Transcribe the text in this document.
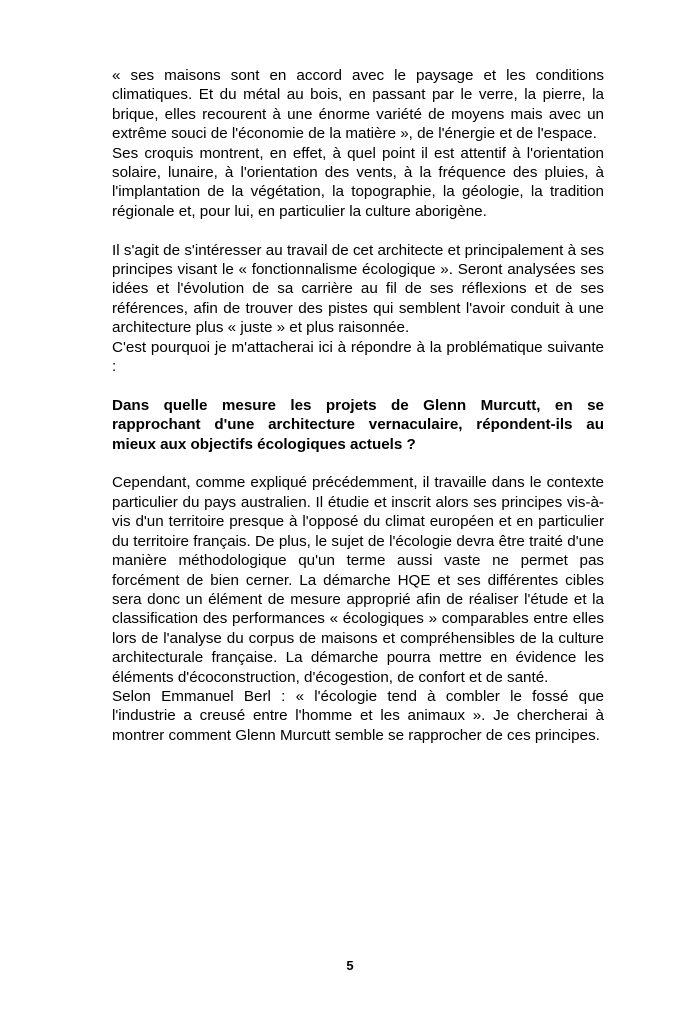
« ses maisons sont en accord avec le paysage et les conditions climatiques. Et du métal au bois, en passant par le verre, la pierre, la brique, elles recourent à une énorme variété de moyens mais avec un extrême souci de l'économie de la matière », de l'énergie et de l'espace.

Ses croquis montrent, en effet, à quel point il est attentif à l'orientation solaire, lunaire, à l'orientation des vents, à la fréquence des pluies, à l'implantation de la végétation, la topographie, la géologie, la tradition régionale et, pour lui, en particulier la culture aborigène.

Il s'agit de s'intéresser au travail de cet architecte et principalement à ses principes visant le « fonctionnalisme écologique ». Seront analysées ses idées et l'évolution de sa carrière au fil de ses réflexions et de ses références, afin de trouver des pistes qui semblent l'avoir conduit à une architecture plus « juste » et plus raisonnée.

C'est pourquoi je m'attacherai ici à répondre à la problématique suivante :

Dans quelle mesure les projets de Glenn Murcutt, en se rapprochant d'une architecture vernaculaire, répondent-ils au mieux aux objectifs écologiques actuels ?

Cependant, comme expliqué précédemment, il travaille dans le contexte particulier du pays australien. Il étudie et inscrit alors ses principes vis-à-vis d'un territoire presque à l'opposé du climat européen et en particulier du territoire français. De plus, le sujet de l'écologie devra être traité d'une manière méthodologique qu'un terme aussi vaste ne permet pas forcément de bien cerner. La démarche HQE et ses différentes cibles sera donc un élément de mesure approprié afin de réaliser l'étude et la classification des performances « écologiques » comparables entre elles lors de l'analyse du corpus de maisons et compréhensibles de la culture architecturale française. La démarche pourra mettre en évidence les éléments d'écoconstruction, d'écogestion, de confort et de santé.

Selon Emmanuel Berl : « l'écologie tend à combler le fossé que l'industrie a creusé entre l'homme et les animaux ». Je chercherai à montrer comment Glenn Murcutt semble se rapprocher de ces principes.

5
